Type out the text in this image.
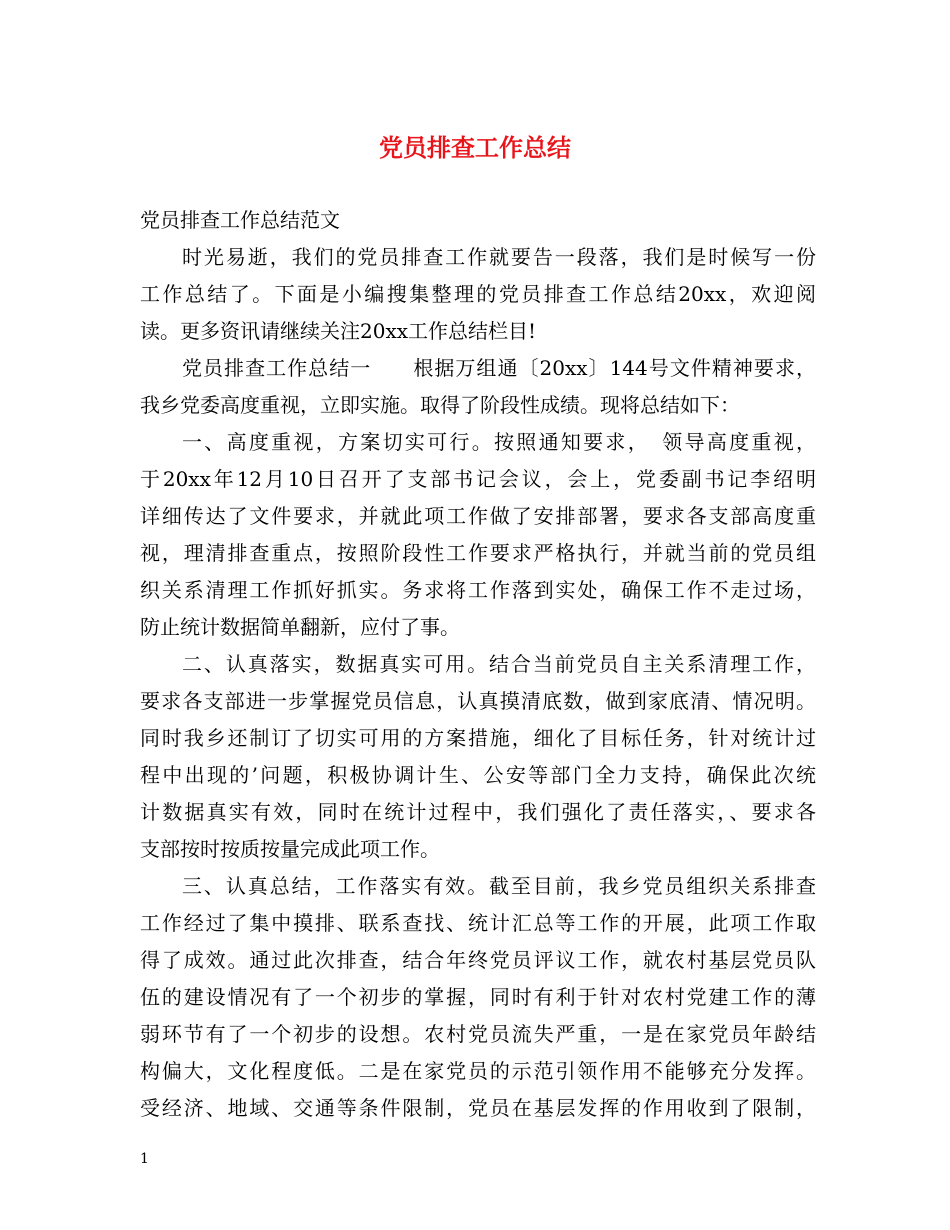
党员排查工作总结
党员排查工作总结范文
时光易逝，我们的党员排查工作就要告一段落，我们是时候写一份
工作总结了。下面是小编搜集整理的党员排查工作总结20xx，欢迎阅
读。更多资讯请继续关注20xx工作总结栏目!
党员排查工作总结一　　根据万组通〔20xx〕144号文件精神要求，
我乡党委高度重视，立即实施。取得了阶段性成绩。现将总结如下：
一、高度重视，方案切实可行。按照通知要求，　领导高度重视，
于20xx年12月10日召开了支部书记会议，会上，党委副书记李绍明
详细传达了文件要求，并就此项工作做了安排部署，要求各支部高度重
视，理清排查重点，按照阶段性工作要求严格执行，并就当前的党员组
织关系清理工作抓好抓实。务求将工作落到实处，确保工作不走过场，
防止统计数据简单翻新，应付了事。
二、认真落实，数据真实可用。结合当前党员自主关系清理工作，
要求各支部进一步掌握党员信息，认真摸清底数，做到家底清、情况明。
同时我乡还制订了切实可用的方案措施，细化了目标任务，针对统计过
程中出现的’问题，积极协调计生、公安等部门全力支持，确保此次统
计数据真实有效，同时在统计过程中，我们强化了责任落实，、要求各
支部按时按质按量完成此项工作。
三、认真总结，工作落实有效。截至目前，我乡党员组织关系排查
工作经过了集中摸排、联系查找、统计汇总等工作的开展，此项工作取
得了成效。通过此次排查，结合年终党员评议工作，就农村基层党员队
伍的建设情况有了一个初步的掌握，同时有利于针对农村党建工作的薄
弱环节有了一个初步的设想。农村党员流失严重，一是在家党员年龄结
构偏大，文化程度低。二是在家党员的示范引领作用不能够充分发挥。
受经济、地域、交通等条件限制，党员在基层发挥的作用收到了限制，
1
